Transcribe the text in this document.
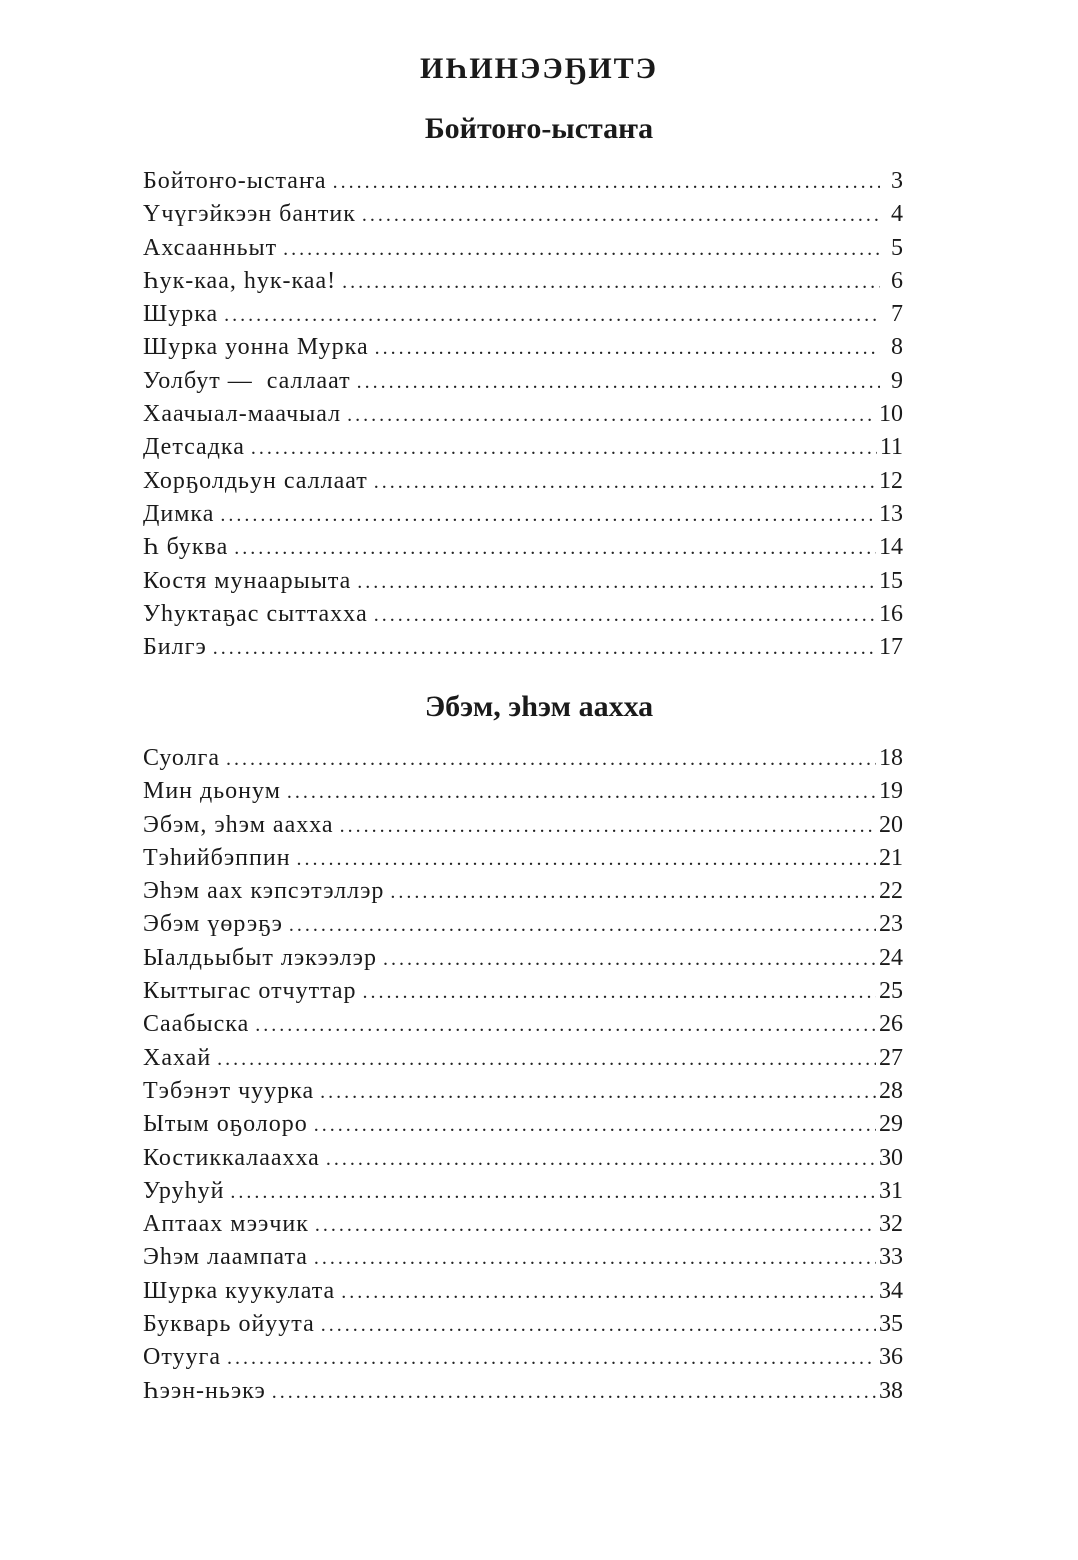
ИҺИНЭЭҔИТЭ
Бойтоҥо-ыстаҥа
Бойтоҥо-ыстаҥа .....	3
Үчүгэйкээн бантик .....	4
Ахсаанньыт .....	5
Һук-каа, һук-каа! .....	6
Шурка .....	7
Шурка уонна Мурка .....	8
Уолбут —  саллаат .....	9
Хаачыал-маачыал .....	10
Детсадка .....	11
Хорҕолдьун саллаат .....	12
Димка .....	13
Һ буква .....	14
Костя мунаарыыта .....	15
Уһуктаҕас сыттаххa .....	16
Билгэ .....	17
Эбэм, эһэм аахха
Суолга .....	18
Мин дьонум .....	19
Эбэм, эһэм аахха .....	20
Тэһийбэппин .....	21
Эһэм аах кэпсэтэллэр .....	22
Эбэм үөрэҕэ .....	23
Ыалдьыбыт лэкээлэр .....	24
Кыттыгас отчуттар .....	25
Саабыска .....	26
Хахай .....	27
Тэбэнэт чуурка .....	28
Ытым оҕолоро .....	29
Костиккалаахха .....	30
Уруһуй .....	31
Аптаах мээчик .....	32
Эһэм лаампата .....	33
Шурка куукулата .....	34
Букварь ойуута .....	35
Отууга .....	36
Һээн-ньэкэ .....	38
